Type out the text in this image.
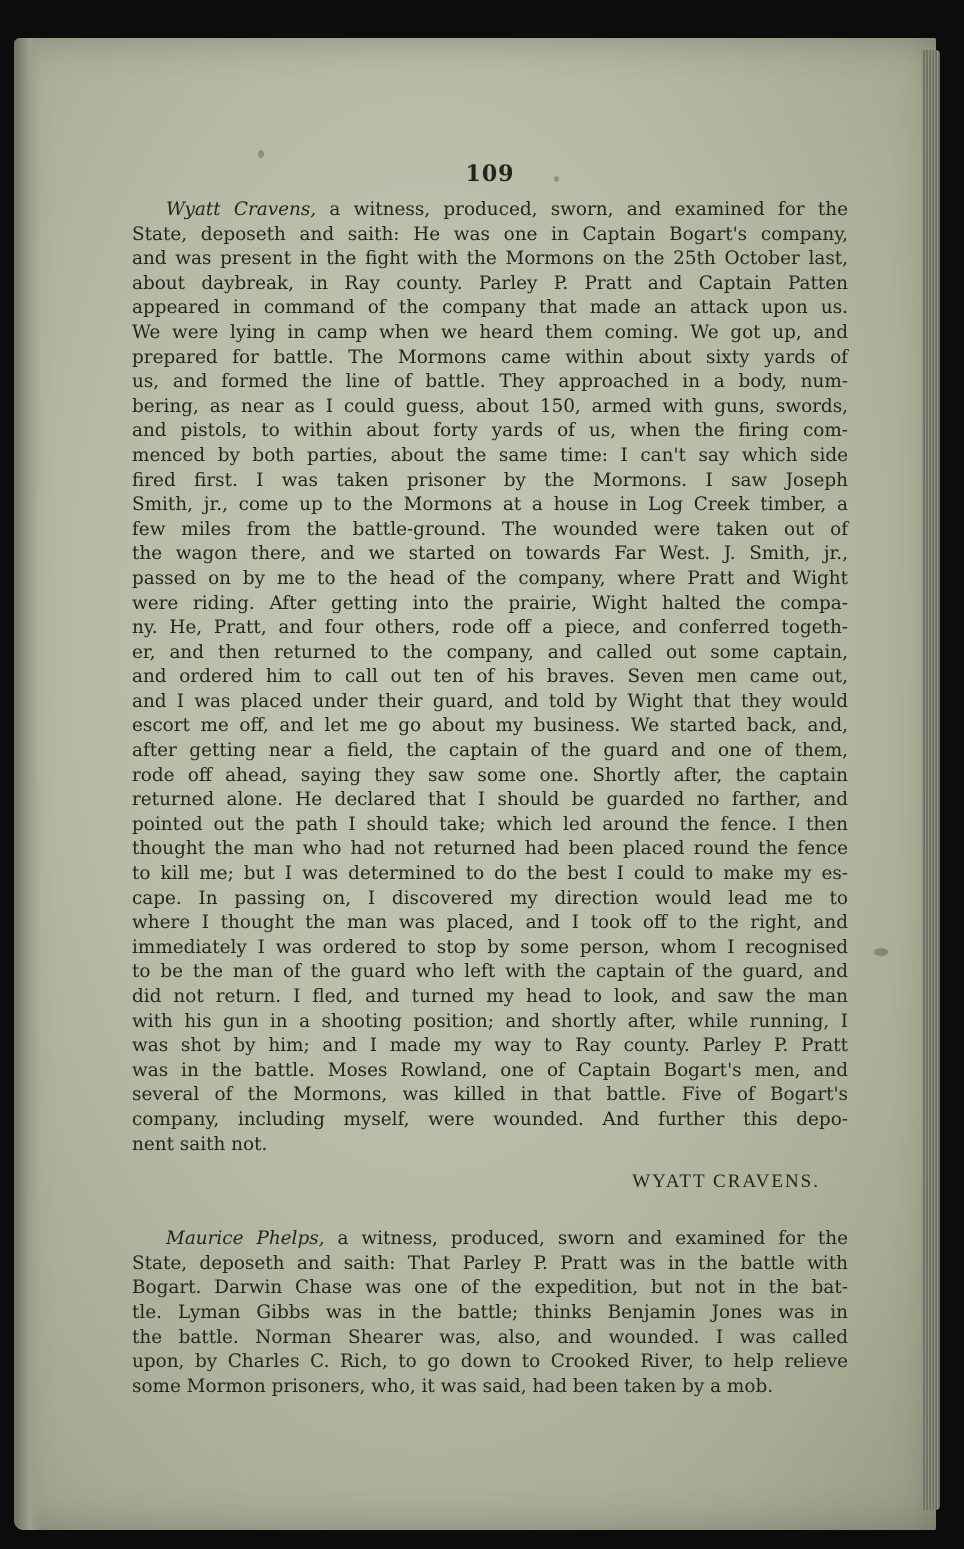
109

Wyatt Cravens, a witness, produced, sworn, and examined for the
State, deposeth and saith: He was one in Captain Bogart's company,
and was present in the fight with the Mormons on the 25th October last,
about daybreak, in Ray county. Parley P. Pratt and Captain Patten
appeared in command of the company that made an attack upon us.
We were lying in camp when we heard them coming. We got up, and
prepared for battle. The Mormons came within about sixty yards of
us, and formed the line of battle. They approached in a body, num-
bering, as near as I could guess, about 150, armed with guns, swords,
and pistols, to within about forty yards of us, when the firing com-
menced by both parties, about the same time: I can't say which side
fired first. I was taken prisoner by the Mormons. I saw Joseph
Smith, jr., come up to the Mormons at a house in Log Creek timber, a
few miles from the battle-ground. The wounded were taken out of
the wagon there, and we started on towards Far West. J. Smith, jr.,
passed on by me to the head of the company, where Pratt and Wight
were riding. After getting into the prairie, Wight halted the compa-
ny. He, Pratt, and four others, rode off a piece, and conferred togeth-
er, and then returned to the company, and called out some captain,
and ordered him to call out ten of his braves. Seven men came out,
and I was placed under their guard, and told by Wight that they would
escort me off, and let me go about my business. We started back, and,
after getting near a field, the captain of the guard and one of them,
rode off ahead, saying they saw some one. Shortly after, the captain
returned alone. He declared that I should be guarded no farther, and
pointed out the path I should take; which led around the fence. I then
thought the man who had not returned had been placed round the fence
to kill me; but I was determined to do the best I could to make my es-
cape. In passing on, I discovered my direction would lead me to
where I thought the man was placed, and I took off to the right, and
immediately I was ordered to stop by some person, whom I recognised
to be the man of the guard who left with the captain of the guard, and
did not return. I fled, and turned my head to look, and saw the man
with his gun in a shooting position; and shortly after, while running, I
was shot by him; and I made my way to Ray county. Parley P. Pratt
was in the battle. Moses Rowland, one of Captain Bogart's men, and
several of the Mormons, was killed in that battle. Five of Bogart's
company, including myself, were wounded. And further this depo-
nent saith not.

WYATT CRAVENS.

Maurice Phelps, a witness, produced, sworn and examined for the
State, deposeth and saith: That Parley P. Pratt was in the battle with
Bogart. Darwin Chase was one of the expedition, but not in the bat-
tle. Lyman Gibbs was in the battle; thinks Benjamin Jones was in
the battle. Norman Shearer was, also, and wounded. I was called
upon, by Charles C. Rich, to go down to Crooked River, to help relieve
some Mormon prisoners, who, it was said, had been taken by a mob.
